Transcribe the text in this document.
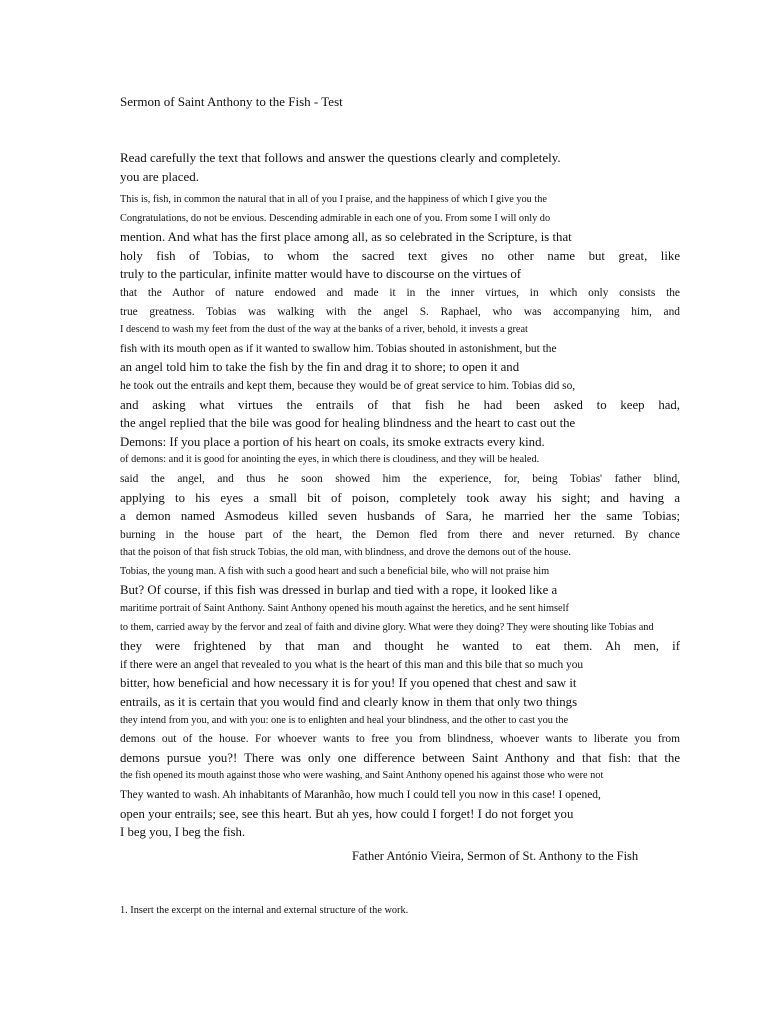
Sermon of Saint Anthony to the Fish - Test
Read carefully the text that follows and answer the questions clearly and completely.
you are placed.
This is, fish, in common the natural that in all of you I praise, and the happiness of which I give you the
Congratulations, do not be envious. Descending admirable in each one of you. From some I will only do
mention. And what has the first place among all, as so celebrated in the Scripture, is that
holy fish of Tobias, to whom the sacred text gives no other name but great, like
truly to the particular, infinite matter would have to discourse on the virtues of
that the Author of nature endowed and made it in the inner virtues, in which only consists the
true greatness. Tobias was walking with the angel S. Raphael, who was accompanying him, and
I descend to wash my feet from the dust of the way at the banks of a river, behold, it invests a great
fish with its mouth open as if it wanted to swallow him. Tobias shouted in astonishment, but the
an angel told him to take the fish by the fin and drag it to shore; to open it and
he took out the entrails and kept them, because they would be of great service to him. Tobias did so,
and asking what virtues the entrails of that fish he had been asked to keep had,
the angel replied that the bile was good for healing blindness and the heart to cast out the
Demons: If you place a portion of his heart on coals, its smoke extracts every kind.
of demons: and it is good for anointing the eyes, in which there is cloudiness, and they will be healed.
said the angel, and thus he soon showed him the experience, for, being Tobias' father blind,
applying to his eyes a small bit of poison, completely took away his sight; and having a
a demon named Asmodeus killed seven husbands of Sara, he married her the same Tobias;
burning in the house part of the heart, the Demon fled from there and never returned. By chance
that the poison of that fish struck Tobias, the old man, with blindness, and drove the demons out of the house.
Tobias, the young man. A fish with such a good heart and such a beneficial bile, who will not praise him
But? Of course, if this fish was dressed in burlap and tied with a rope, it looked like a
maritime portrait of Saint Anthony. Saint Anthony opened his mouth against the heretics, and he sent himself
to them, carried away by the fervor and zeal of faith and divine glory. What were they doing? They were shouting like Tobias and
they were frightened by that man and thought he wanted to eat them. Ah men, if
if there were an angel that revealed to you what is the heart of this man and this bile that so much you
bitter, how beneficial and how necessary it is for you! If you opened that chest and saw it
entrails, as it is certain that you would find and clearly know in them that only two things
they intend from you, and with you: one is to enlighten and heal your blindness, and the other to cast you the
demons out of the house. For whoever wants to free you from blindness, whoever wants to liberate you from
demons pursue you?! There was only one difference between Saint Anthony and that fish: that the
the fish opened its mouth against those who were washing, and Saint Anthony opened his against those who were not
They wanted to wash. Ah inhabitants of Maranhão, how much I could tell you now in this case! I opened,
open your entrails; see, see this heart. But ah yes, how could I forget! I do not forget you
I beg you, I beg the fish.
Father António Vieira, Sermon of St. Anthony to the Fish
1. Insert the excerpt on the internal and external structure of the work.
